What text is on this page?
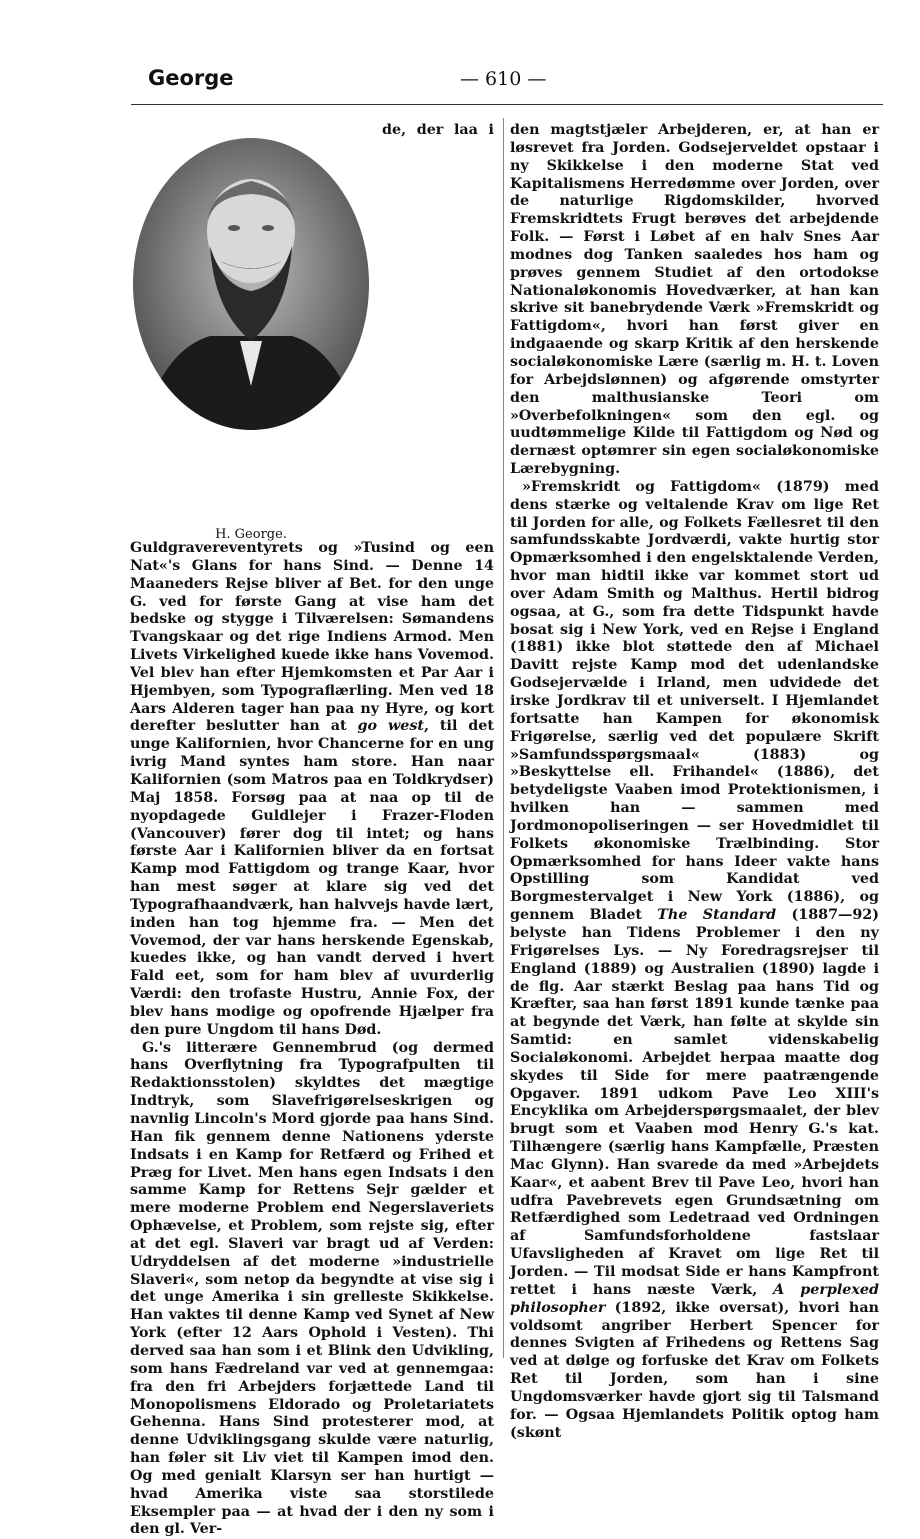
George	— 610 —

H. George.
de, der laa i Guldgravereventyrets og »Tusind og een Nat«'s Glans for hans Sind. — Denne 14 Maaneders Rejse bliver af Bet. for den unge G. ved for første Gang at vise ham det bedske og stygge i Tilværelsen: Sømandens Tvangskaar og det rige Indiens Armod. Men Livets Virkelighed kuede ikke hans Vovemod. Vel blev han efter Hjemkomsten et Par Aar i Hjembyen, som Typograflærling. Men ved 18 Aars Alderen tager han paa ny Hyre, og kort derefter beslutter han at go west, til det unge Kalifornien, hvor Chancerne for en ung ivrig Mand syntes ham store. Han naar Kalifornien (som Matros paa en Toldkrydser) Maj 1858. Forsøg paa at naa op til de nyopdagede Guldlejer i Frazer-Floden (Vancouver) fører dog til intet; og hans første Aar i Kalifornien bliver da en fortsat Kamp mod Fattigdom og trange Kaar, hvor han mest søger at klare sig ved det Typografhaandværk, han halvvejs havde lært, inden han tog hjemme fra. — Men det Vovemod, der var hans herskende Egenskab, kuedes ikke, og han vandt derved i hvert Fald eet, som for ham blev af uvurderlig Værdi: den trofaste Hustru, Annie Fox, der blev hans modige og opofrende Hjælper fra den pure Ungdom til hans Død.

G.'s litterære Gennembrud (og dermed hans Overflytning fra Typografpulten til Redaktionsstolen) skyldtes det mægtige Indtryk, som Slavefrigørelseskrigen og navnlig Lincoln's Mord gjorde paa hans Sind. Han fik gennem denne Nationens yderste Indsats i en Kamp for Retfærd og Frihed et Præg for Livet. Men hans egen Indsats i den samme Kamp for Rettens Sejr gælder et mere moderne Problem end Negerslaveriets Ophævelse, et Problem, som rejste sig, efter at det egl. Slaveri var bragt ud af Verden: Udryddelsen af det moderne »industrielle Slaveri«, som netop da begyndte at vise sig i det unge Amerika i sin grelleste Skikkelse. Han vaktes til denne Kamp ved Synet af New York (efter 12 Aars Ophold i Vesten). Thi derved saa han som i et Blink den Udvikling, som hans Fædreland var ved at gennemgaa: fra den fri Arbejders forjættede Land til Monopolismens Eldorado og Proletariatets Gehenna. Hans Sind protesterer mod, at denne Udviklingsgang skulde være naturlig, han føler sit Liv viet til Kampen imod den. Og med genialt Klarsyn ser han hurtigt — hvad Amerika viste saa storstilede Eksempler paa — at hvad der i den ny som i den gl. Ver-

den magtstjæler Arbejderen, er, at han er løsrevet fra Jorden. Godsejerveldet opstaar i ny Skikkelse i den moderne Stat ved Kapitalismens Herredømme over Jorden, over de naturlige Rigdomskilder, hvorved Fremskridtets Frugt berøves det arbejdende Folk. — Først i Løbet af en halv Snes Aar modnes dog Tanken saaledes hos ham og prøves gennem Studiet af den ortodokse Nationaløkonomis Hovedværker, at han kan skrive sit banebrydende Værk »Fremskridt og Fattigdom«, hvori han først giver en indgaaende og skarp Kritik af den herskende socialøkonomiske Lære (særlig m. H. t. Loven for Arbejdslønnen) og afgørende omstyrter den malthusianske Teori om »Overbefolkningen« som den egl. og uudtømmelige Kilde til Fattigdom og Nød og dernæst optømrer sin egen socialøkonomiske Lærebygning.

»Fremskridt og Fattigdom« (1879) med dens stærke og veltalende Krav om lige Ret til Jorden for alle, og Folkets Fællesret til den samfundsskabte Jordværdi, vakte hurtig stor Opmærksomhed i den engelsktalende Verden, hvor man hidtil ikke var kommet stort ud over Adam Smith og Malthus. Hertil bidrog ogsaa, at G., som fra dette Tidspunkt havde bosat sig i New York, ved en Rejse i England (1881) ikke blot støttede den af Michael Davitt rejste Kamp mod det udenlandske Godsejervælde i Irland, men udvidede det irske Jordkrav til et universelt. I Hjemlandet fortsatte han Kampen for økonomisk Frigørelse, særlig ved det populære Skrift »Samfundsspørgsmaal« (1883) og »Beskyttelse ell. Frihandel« (1886), det betydeligste Vaaben imod Protektionismen, i hvilken han — sammen med Jordmonopoliseringen — ser Hovedmidlet til Folkets økonomiske Trælbinding. Stor Opmærksomhed for hans Ideer vakte hans Opstilling som Kandidat ved Borgmestervalget i New York (1886), og gennem Bladet The Standard (1887—92) belyste han Tidens Problemer i den ny Frigørelses Lys. — Ny Foredragsrejser til England (1889) og Australien (1890) lagde i de flg. Aar stærkt Beslag paa hans Tid og Kræfter, saa han først 1891 kunde tænke paa at begynde det Værk, han følte at skylde sin Samtid: en samlet videnskabelig Socialøkonomi. Arbejdet herpaa maatte dog skydes til Side for mere paatrængende Opgaver. 1891 udkom Pave Leo XIII's Encyklika om Arbejderspørgsmaalet, der blev brugt som et Vaaben mod Henry G.'s kat. Tilhængere (særlig hans Kampfælle, Præsten Mac Glynn). Han svarede da med »Arbejdets Kaar«, et aabent Brev til Pave Leo, hvori han udfra Pavebrevets egen Grundsætning om Retfærdighed som Ledetraad ved Ordningen af Samfundsforholdene fastslaar Ufavsligheden af Kravet om lige Ret til Jorden. — Til modsat Side er hans Kampfront rettet i hans næste Værk, A perplexed philosopher (1892, ikke oversat), hvori han voldsomt angriber Herbert Spencer for dennes Svigten af Frihedens og Rettens Sag ved at dølge og forfuske det Krav om Folkets Ret til Jorden, som han i sine Ungdomsværker havde gjort sig til Talsmand for. — Ogsaa Hjemlandets Politik optog ham (skønt
